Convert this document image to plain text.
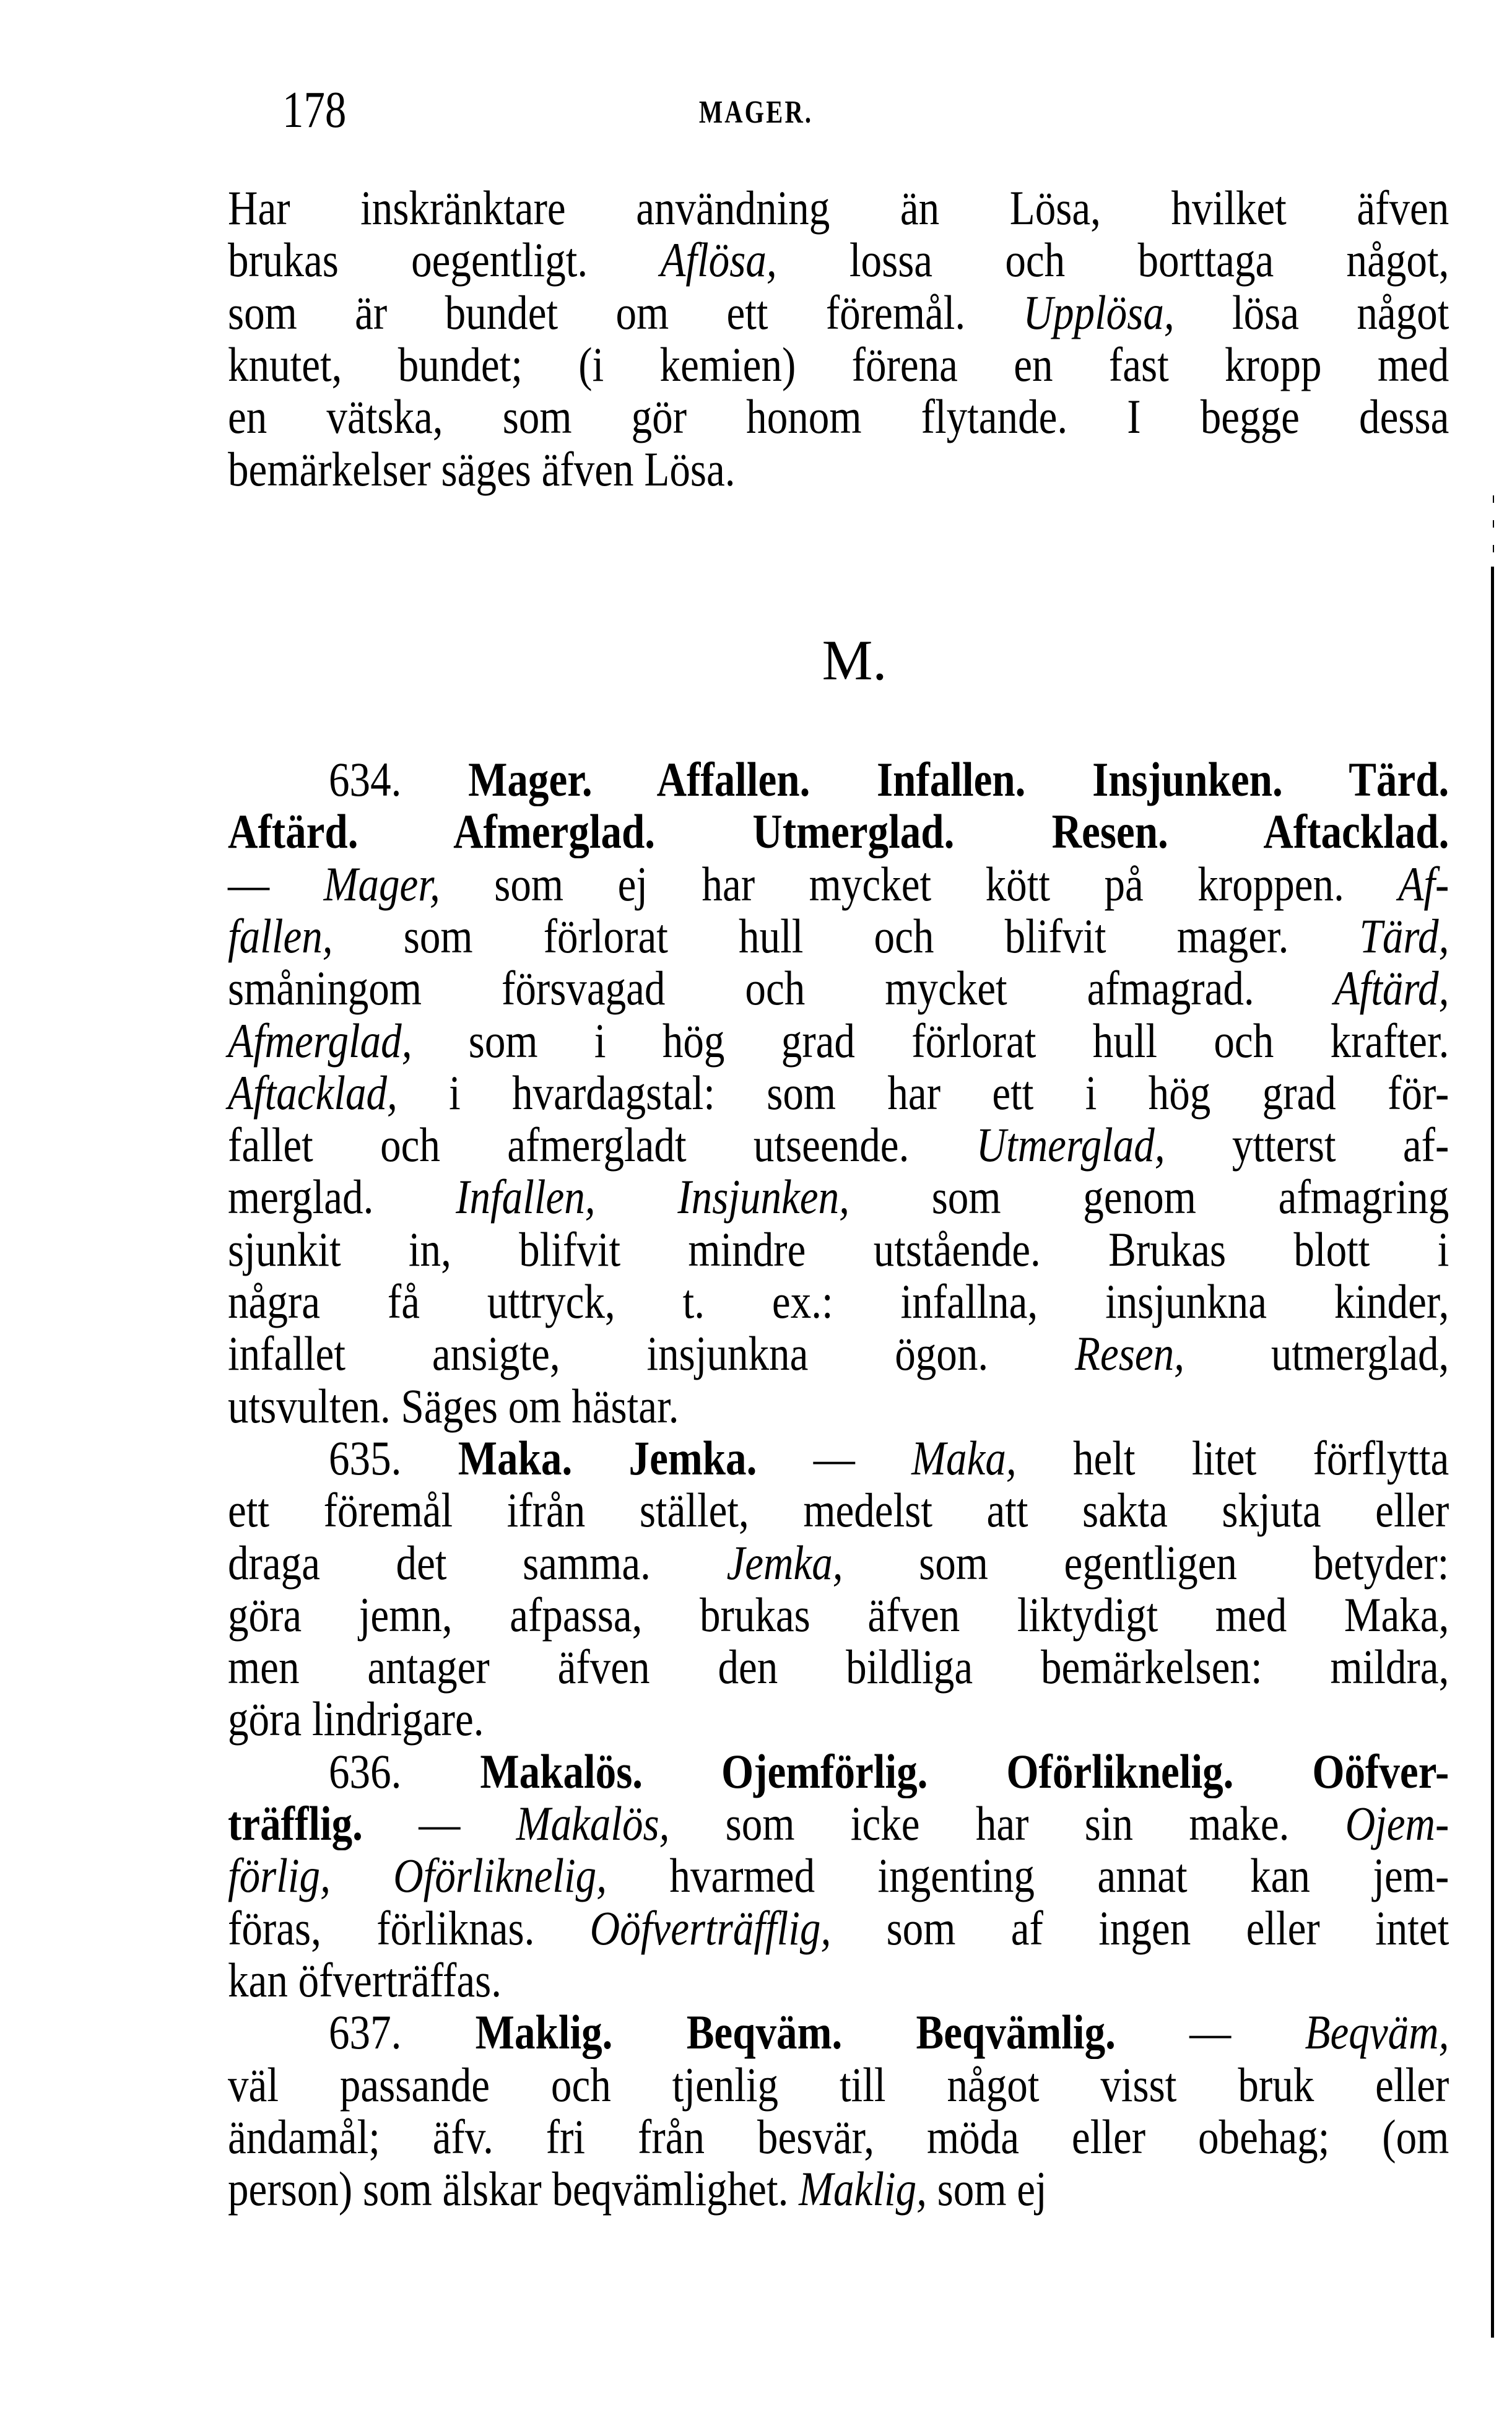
178	MAGER.
Har inskränktare användning än Lösa, hvilket äfven
brukas oegentligt. Aflösa, lossa och borttaga något,
som är bundet om ett föremål. Upplösa, lösa något
knutet, bundet; (i kemien) förena en fast kropp med
en vätska, som gör honom flytande. I begge dessa
bemärkelser säges äfven Lösa.
M.
634. Mager. Affallen. Infallen. Insjunken. Tärd.
Aftärd. Afmerglad. Utmerglad. Resen. Aftacklad.
— Mager, som ej har mycket kött på kroppen. Af-
fallen, som förlorat hull och blifvit mager. Tärd,
småningom försvagad och mycket afmagrad. Aftärd,
Afmerglad, som i hög grad förlorat hull och krafter.
Aftacklad, i hvardagstal: som har ett i hög grad för-
fallet och afmergladt utseende. Utmerglad, ytterst af-
merglad. Infallen, Insjunken, som genom afmagring
sjunkit in, blifvit mindre utstående. Brukas blott i
några få uttryck, t. ex.: infallna, insjunkna kinder,
infallet ansigte, insjunkna ögon. Resen, utmerglad,
utsvulten. Säges om hästar.
635. Maka. Jemka. — Maka, helt litet förflytta
ett föremål ifrån stället, medelst att sakta skjuta eller
draga det samma. Jemka, som egentligen betyder:
göra jemn, afpassa, brukas äfven liktydigt med Maka,
men antager äfven den bildliga bemärkelsen: mildra,
göra lindrigare.
636. Makalös. Ojemförlig. Oförliknelig. Oöfver-
träfflig. — Makalös, som icke har sin make. Ojem-
förlig, Oförliknelig, hvarmed ingenting annat kan jem-
föras, förliknas. Oöfverträfflig, som af ingen eller intet
kan öfverträffas.
637. Maklig. Beqväm. Beqvämlig. — Beqväm,
väl passande och tjenlig till något visst bruk eller
ändamål; äfv. fri från besvär, möda eller obehag; (om
person) som älskar beqvämlighet. Maklig, som ej
